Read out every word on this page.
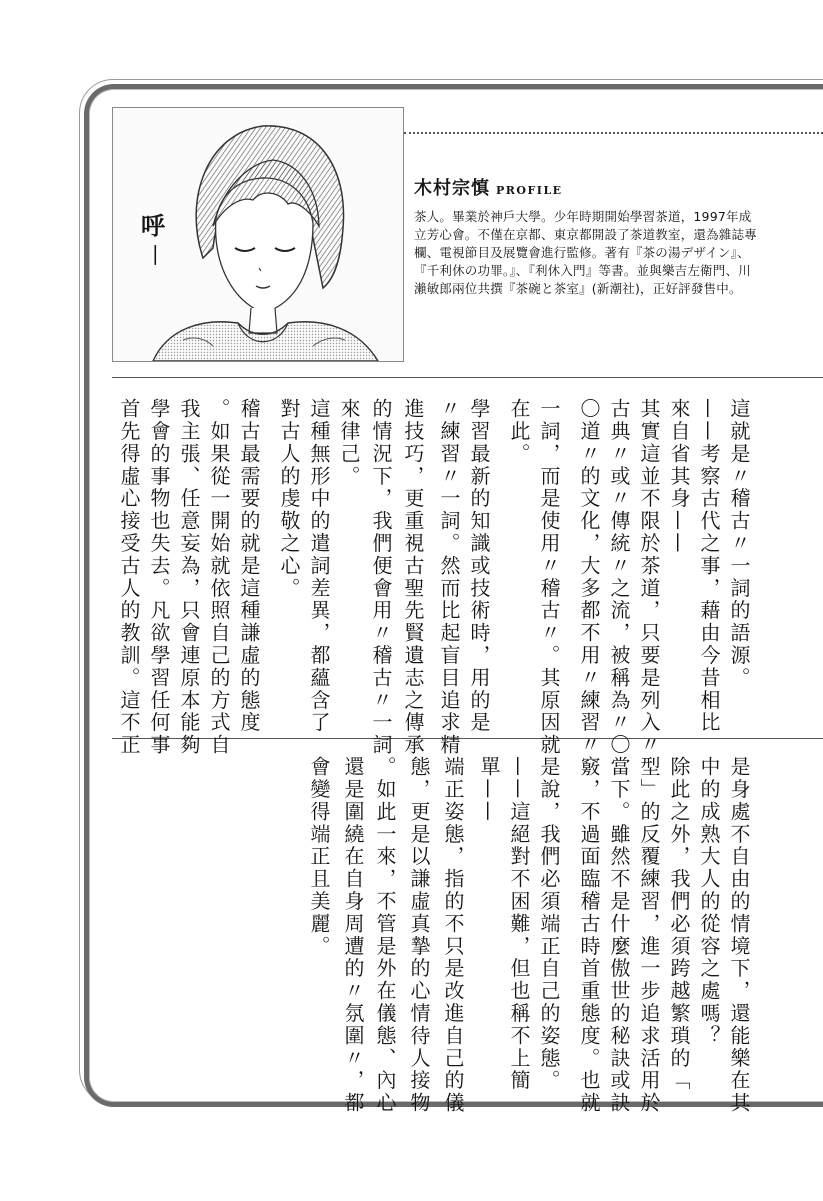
呼
—
木村宗慎 PROFILE
茶人。畢業於神戶大學。少年時期開始學習茶道，1997年成立芳心會。不僅在京都、東京都開設了茶道教室，還為雜誌專欄、電視節目及展覽會進行監修。著有『茶の湯デザイン』、『千利休の功罪。』、『利休入門』等書。並與樂吉左衛門、川瀨敏郎兩位共撰『茶碗と茶室』(新潮社)，正好評發售中。
這就是〃稽古〃一詞的語源。
——考察古代之事，藉由今昔相比
來自省其身——
其實這並不限於茶道，只要是列入〃
古典〃或〃傳統〃之流，被稱為〃〇
〇道〃的文化，大多都不用〃練習〃
一詞，而是使用〃稽古〃。其原因就
在此。
學習最新的知識或技術時，用的是
〃練習〃一詞。然而比起盲目追求精
進技巧，更重視古聖先賢遺志之傳承
的情況下，我們便會用〃稽古〃一詞
來律己。
這種無形中的遣詞差異，都蘊含了
對古人的虔敬之心。
稽古最需要的就是這種謙虛的態度
。如果從一開始就依照自己的方式自
我主張、任意妄為，只會連原本能夠
學會的事物也失去。凡欲學習任何事
首先得虛心接受古人的教訓。這不正
是身處不自由的情境下，還能樂在其
中的成熟大人的從容之處嗎？
除此之外，我們必須跨越繁瑣的「
型」的反覆練習，進一步追求活用於
當下。雖然不是什麼傲世的秘訣或訣
竅，不過面臨稽古時首重態度。也就
是說，我們必須端正自己的姿態。
——這絕對不困難，但也稱不上簡
單——
端正姿態，指的不只是改進自己的儀
態，更是以謙虛真摯的心情待人接物
。如此一來，不管是外在儀態、內心
還是圍繞在自身周遭的〃氛圍〃，都
會變得端正且美麗。
